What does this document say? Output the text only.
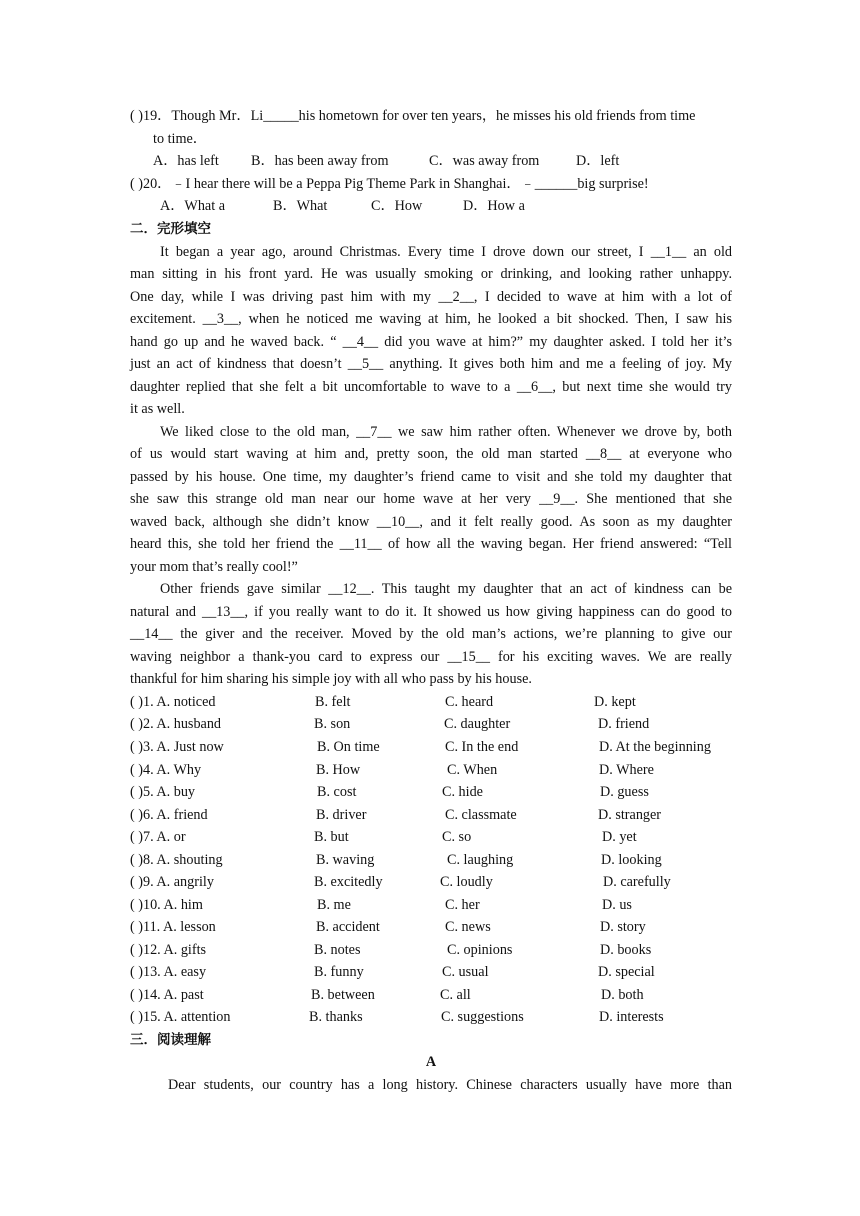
( )19．Though Mr．Li_____his hometown for over ten years，he misses his old friends from time
to time．
A．has left B．has been away from	C．was away from	D．left
( )20．﹣I hear there will be a Peppa Pig Theme Park in Shanghai．﹣______big surprise!
A．What a	B．What	C．How	D．How a
二．完形填空
It began a year ago, around Christmas. Every time I drove down our street, I __1__ an old
man sitting in his front yard. He was usually smoking or drinking, and looking rather unhappy.
One day, while I was driving past him with my __2__, I decided to wave at him with a lot of
excitement. __3__, when he noticed me waving at him, he looked a bit shocked. Then, I saw his
hand go up and he waved back. “ __4__ did you wave at him?” my daughter asked. I told her it’s
just an act of kindness that doesn’t __5__ anything. It gives both him and me a feeling of joy. My
daughter replied that she felt a bit uncomfortable to wave to a __6__, but next time she would try
it as well.
We liked close to the old man, __7__ we saw him rather often. Whenever we drove by, both
of us would start waving at him and, pretty soon, the old man started __8__ at everyone who
passed by his house. One time, my daughter’s friend came to visit and she told my daughter that
she saw this strange old man near our home wave at her very __9__. She mentioned that she
waved back, although she didn’t know __10__, and it felt really good. As soon as my daughter
heard this, she told her friend the __11__ of how all the waving began. Her friend answered: “Tell
your mom that’s really cool!”
Other friends gave similar __12__. This taught my daughter that an act of kindness can be
natural and __13__, if you really want to do it. It showed us how giving happiness can do good to
__14__ the giver and the receiver. Moved by the old man’s actions, we’re planning to give our
waving neighbor a thank-you card to express our __15__ for his exciting waves. We are really
thankful for him sharing his simple joy with all who pass by his house.
( )1. A. noticed	B. felt	C. heard	D. kept
( )2. A. husband	B. son	C. daughter	D. friend
( )3. A. Just now	B. On time	C. In the end	D. At the beginning
( )4. A. Why	B. How	C. When	D. Where
( )5. A. buy	B. cost	C. hide	D. guess
( )6. A. friend	B. driver	C. classmate	D. stranger
( )7. A. or	B. but	C. so	D. yet
( )8. A. shouting	B. waving	C. laughing	D. looking
( )9. A. angrily	B. excitedly	C. loudly	D. carefully
( )10. A. him	B. me	C. her	D. us
( )11. A. lesson	B. accident	C. news	D. story
( )12. A. gifts	B. notes	C. opinions	D. books
( )13. A. easy	B. funny	C. usual	D. special
( )14. A. past	B. between	C. all	D. both
( )15. A. attention	B. thanks	C. suggestions	D. interests
三．阅读理解
A
Dear students, our country has a long history. Chinese characters usually have more than
